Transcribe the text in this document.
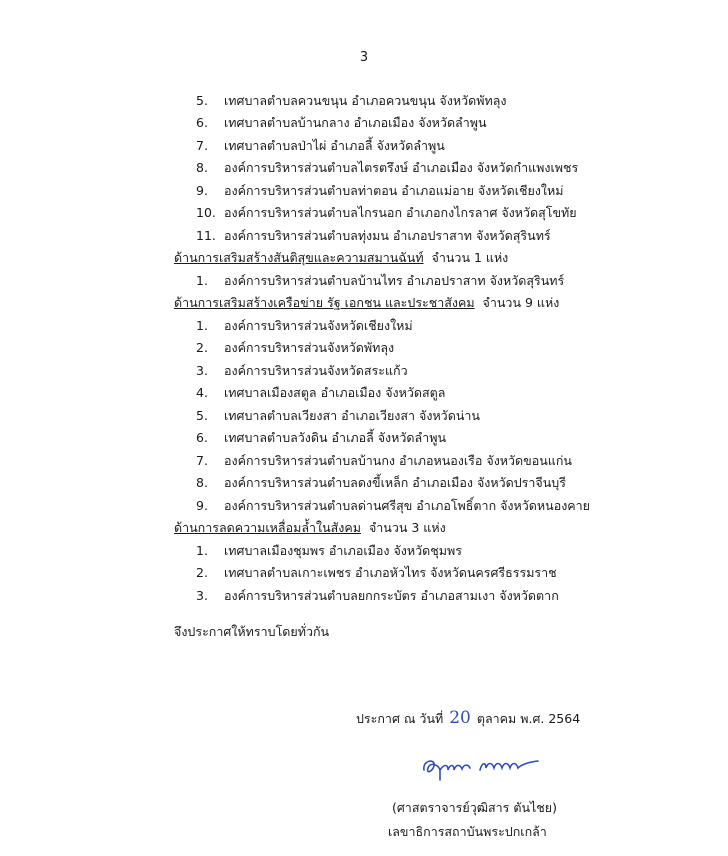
3
5. เทศบาลตำบลควนขนุน อำเภอควนขนุน จังหวัดพัทลุง
6. เทศบาลตำบลบ้านกลาง อำเภอเมือง จังหวัดลำพูน
7. เทศบาลตำบลป่าไผ่ อำเภอลี้ จังหวัดลำพูน
8. องค์การบริหารส่วนตำบลไตรตรึงษ์ อำเภอเมือง จังหวัดกำแพงเพชร
9. องค์การบริหารส่วนตำบลท่าตอน อำเภอแม่อาย จังหวัดเชียงใหม่
10. องค์การบริหารส่วนตำบลไกรนอก อำเภอกงไกรลาศ จังหวัดสุโขทัย
11. องค์การบริหารส่วนตำบลทุ่งมน อำเภอปราสาท จังหวัดสุรินทร์
ด้านการเสริมสร้างสันติสุขและความสมานฉันท์ จำนวน 1 แห่ง
1. องค์การบริหารส่วนตำบลบ้านไทร อำเภอปราสาท จังหวัดสุรินทร์
ด้านการเสริมสร้างเครือข่าย รัฐ เอกชน และประชาสังคม จำนวน 9 แห่ง
1. องค์การบริหารส่วนจังหวัดเชียงใหม่
2. องค์การบริหารส่วนจังหวัดพัทลุง
3. องค์การบริหารส่วนจังหวัดสระแก้ว
4. เทศบาลเมืองสตูล อำเภอเมือง จังหวัดสตูล
5. เทศบาลตำบลเวียงสา อำเภอเวียงสา จังหวัดน่าน
6. เทศบาลตำบลวังดิน อำเภอลี้ จังหวัดลำพูน
7. องค์การบริหารส่วนตำบลบ้านกง อำเภอหนองเรือ จังหวัดขอนแก่น
8. องค์การบริหารส่วนตำบลดงขี้เหล็ก อำเภอเมือง จังหวัดปราจีนบุรี
9. องค์การบริหารส่วนตำบลด่านศรีสุข อำเภอโพธิ์ตาก จังหวัดหนองคาย
ด้านการลดความเหลื่อมล้ำในสังคม จำนวน 3 แห่ง
1. เทศบาลเมืองชุมพร อำเภอเมือง จังหวัดชุมพร
2. เทศบาลตำบลเกาะเพชร อำเภอหัวไทร จังหวัดนครศรีธรรมราช
3. องค์การบริหารส่วนตำบลยกกระบัตร อำเภอสามเงา จังหวัดตาก
จึงประกาศให้ทราบโดยทั่วกัน
ประกาศ ณ วันที่ 20 ตุลาคม พ.ศ. 2564
(ศาสตราจารย์วุฒิสาร ตันไชย)
เลขาธิการสถาบันพระปกเกล้า
